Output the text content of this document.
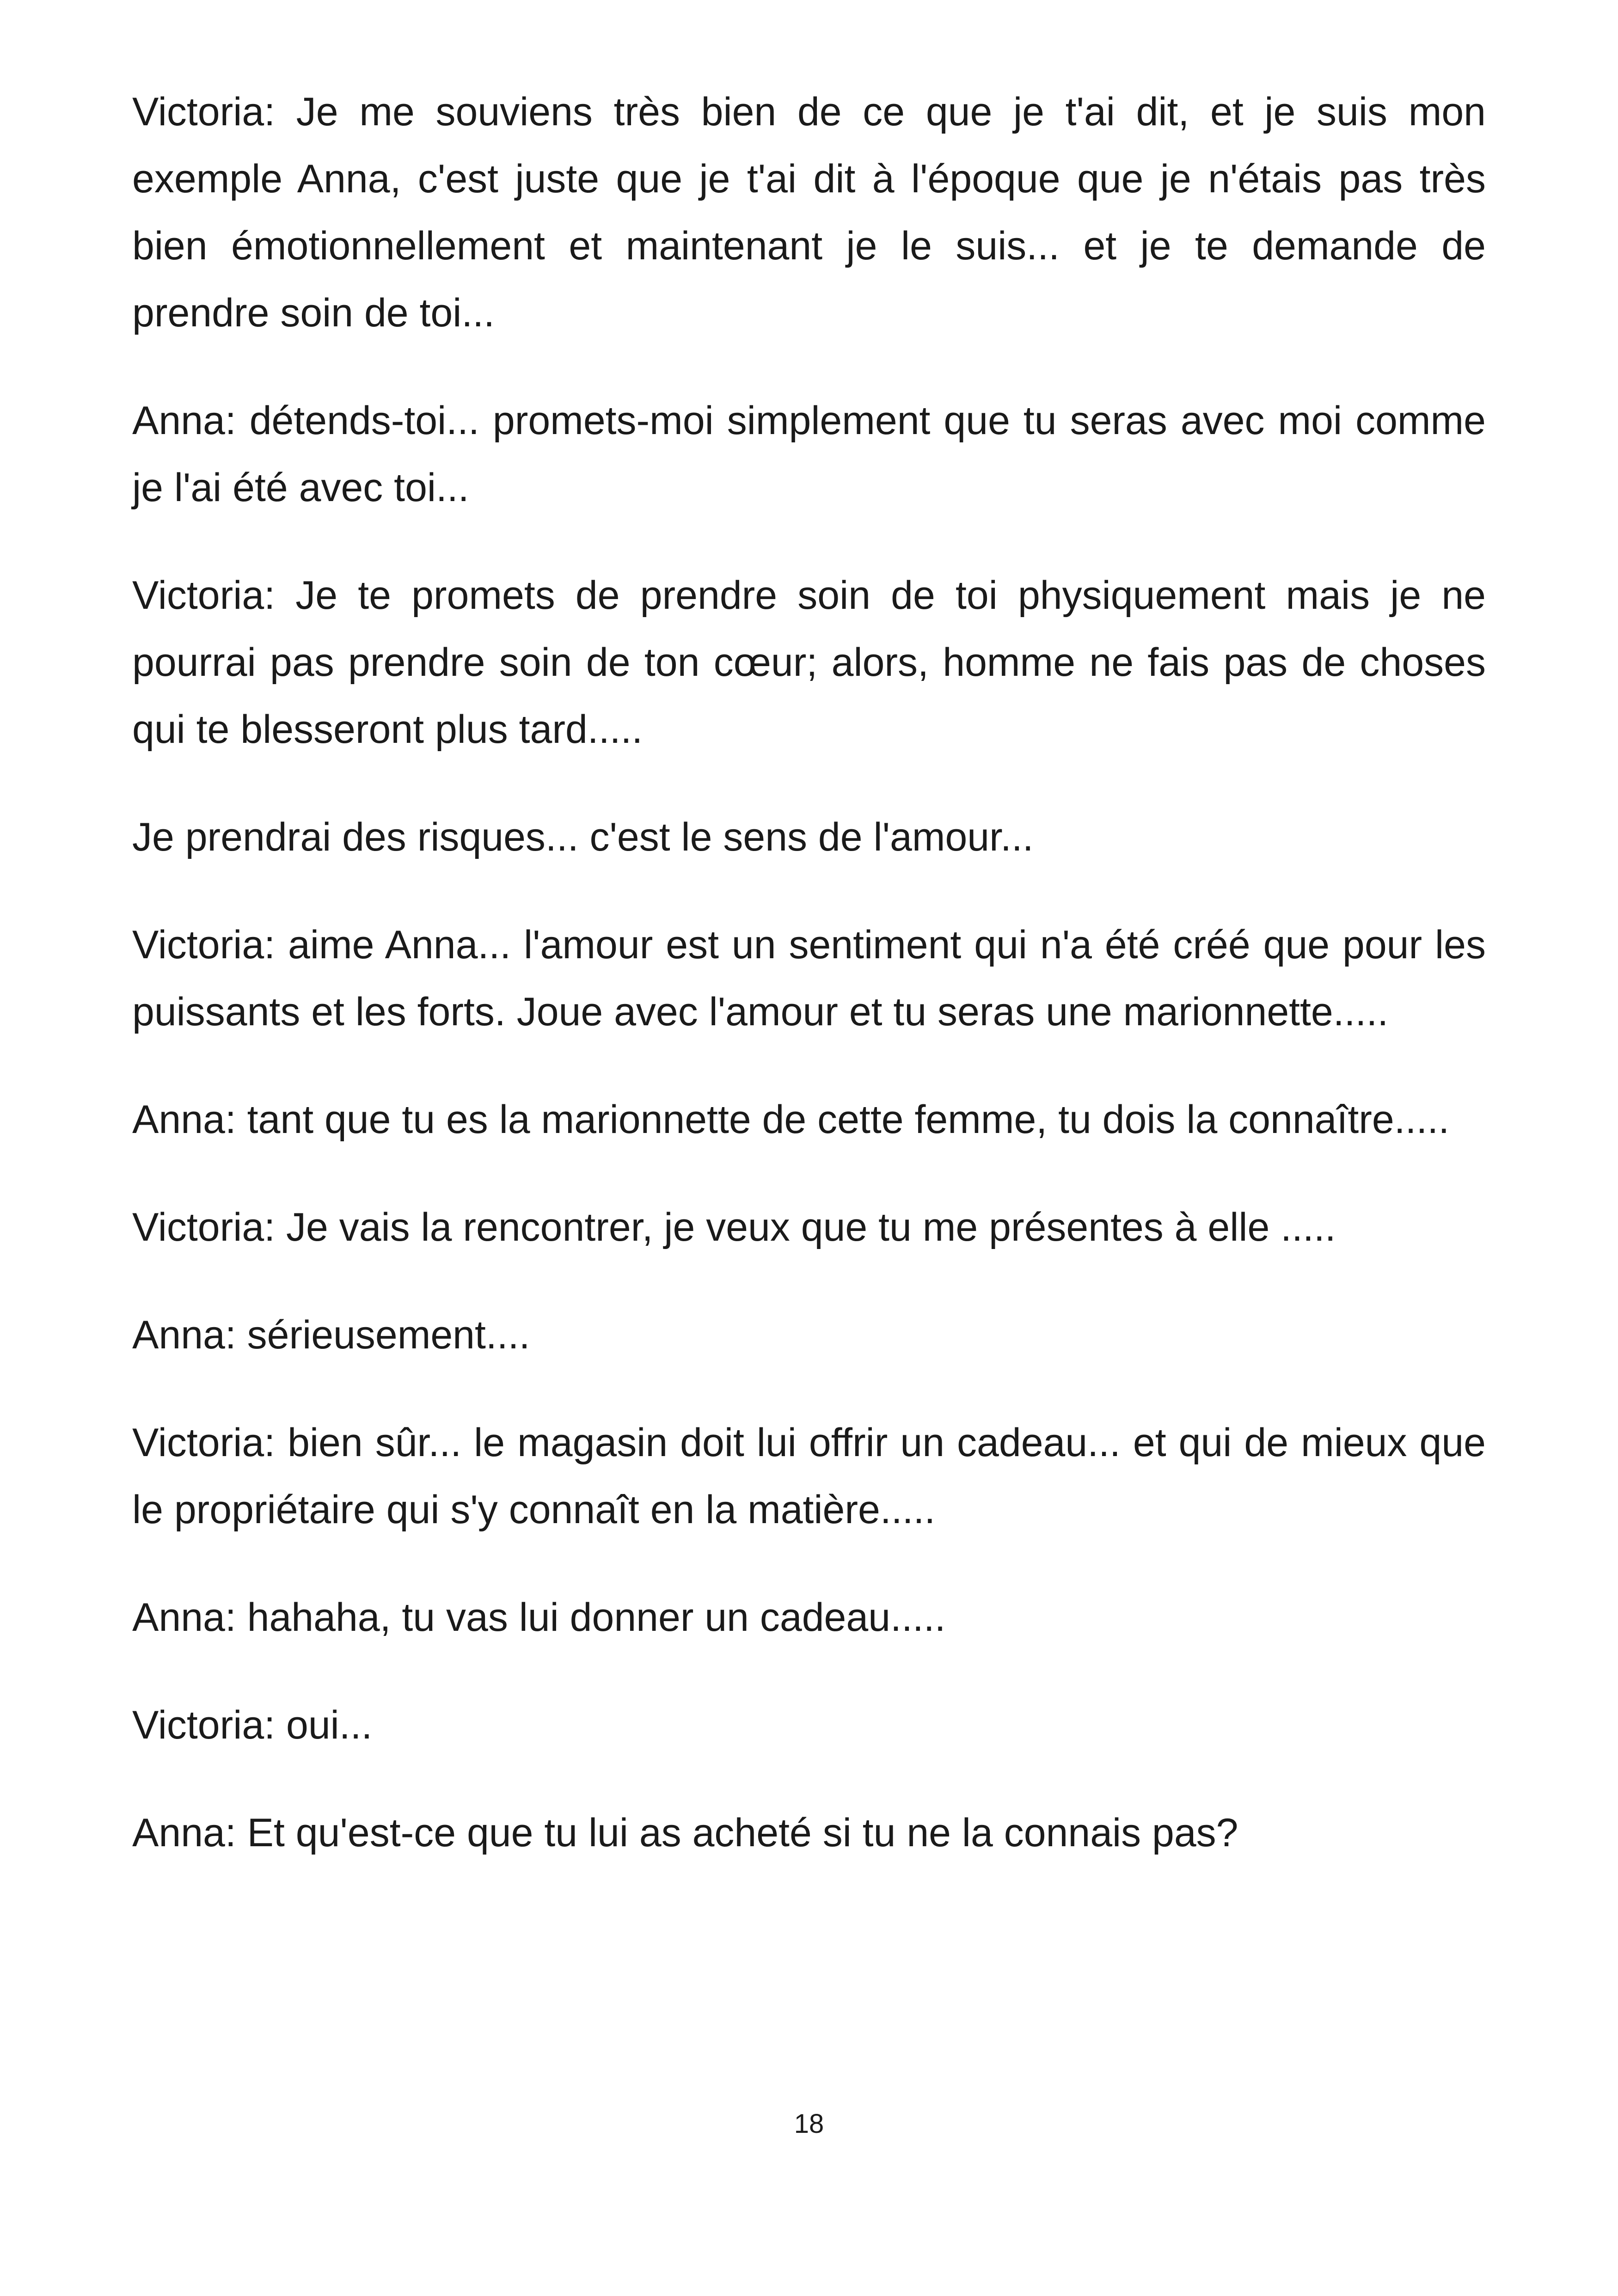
Victoria: Je me souviens très bien de ce que je t'ai dit, et je suis mon exemple Anna, c'est juste que je t'ai dit à l'époque que je n'étais pas très bien émotionnellement et maintenant je le suis... et je te demande de prendre soin de toi...

Anna: détends-toi... promets-moi simplement que tu seras avec moi comme je l'ai été avec toi...

Victoria: Je te promets de prendre soin de toi physiquement mais je ne pourrai pas prendre soin de ton cœur; alors, homme ne fais pas de choses qui te blesseront plus tard.....

Je prendrai des risques... c'est le sens de l'amour...

Victoria: aime Anna... l'amour est un sentiment qui n'a été créé que pour les puissants et les forts. Joue avec l'amour et tu seras une marionnette.....

Anna: tant que tu es la marionnette de cette femme, tu dois la connaître.....

Victoria: Je vais la rencontrer, je veux que tu me présentes à elle .....

Anna: sérieusement....

Victoria: bien sûr... le magasin doit lui offrir un cadeau... et qui de mieux que le propriétaire qui s'y connaît en la matière.....

Anna: hahaha, tu vas lui donner un cadeau.....

Victoria: oui...

Anna: Et qu'est-ce que tu lui as acheté si tu ne la connais pas?

18
